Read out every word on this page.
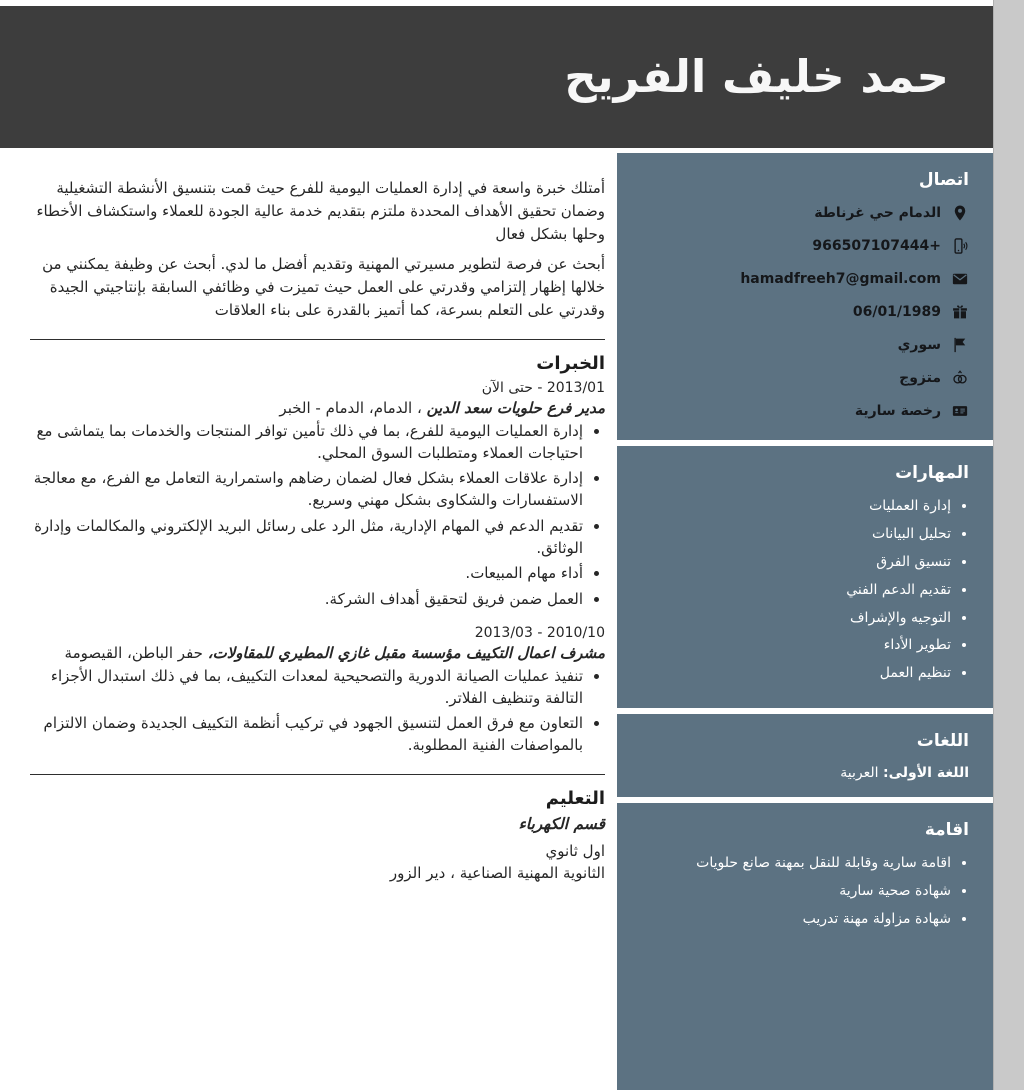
حمد خليف الفريح
اتصال
الدمام حي غرناطة
+966507107444
hamadfreeh7@gmail.com
06/01/1989
سوري
متزوج
رخصة سارية
المهارات
• إدارة العمليات
• تحليل البيانات
• تنسيق الفرق
• تقديم الدعم الفني
• التوجيه والإشراف
• تطوير الأداء
• تنظيم العمل
اللغات
اللغة الأولى: العربية
اقامة
• اقامة سارية وقابلة للنقل بمهنة صانع حلويات
• شهادة صحية سارية
• شهادة مزاولة مهنة تدريب

أمتلك خبرة واسعة في إدارة العمليات اليومية للفرع حيث قمت بتنسيق الأنشطة التشغيلية وضمان تحقيق الأهداف المحددة ملتزم بتقديم خدمة عالية الجودة للعملاء واستكشاف الأخطاء وحلها بشكل فعال

أبحث عن فرصة لتطوير مسيرتي المهنية وتقديم أفضل ما لدي. أبحث عن وظيفة يمكنني من خلالها إظهار إلتزامي وقدرتي على العمل حيث تميزت في وظائفي السابقة بإنتاجيتي الجيدة وقدرتي على التعلم بسرعة، كما أتميز بالقدرة على بناء العلاقات

الخبرات
2013/01 - حتى الآن
مدير فرع حلويات سعد الدين ، الدمام، الدمام - الخبر
• إدارة العمليات اليومية للفرع، بما في ذلك تأمين توافر المنتجات والخدمات بما يتماشى مع احتياجات العملاء ومتطلبات السوق المحلي.
• إدارة علاقات العملاء بشكل فعال لضمان رضاهم واستمرارية التعامل مع الفرع، مع معالجة الاستفسارات والشكاوى بشكل مهني وسريع.
• تقديم الدعم في المهام الإدارية، مثل الرد على رسائل البريد الإلكتروني والمكالمات وإدارة الوثائق.
• أداء مهام المبيعات.
• العمل ضمن فريق لتحقيق أهداف الشركة.
2010/10 - 2013/03
مشرف اعمال التكييف مؤسسة مقبل غازي المطيري للمقاولات، حفر الباطن، القيصومة
• تنفيذ عمليات الصيانة الدورية والتصحيحية لمعدات التكييف، بما في ذلك استبدال الأجزاء التالفة وتنظيف الفلاتر.
• التعاون مع فرق العمل لتنسيق الجهود في تركيب أنظمة التكييف الجديدة وضمان الالتزام بالمواصفات الفنية المطلوبة.
التعليم
قسم الكهرباء
اول ثانوي
الثانوية المهنية الصناعية ، دير الزور
